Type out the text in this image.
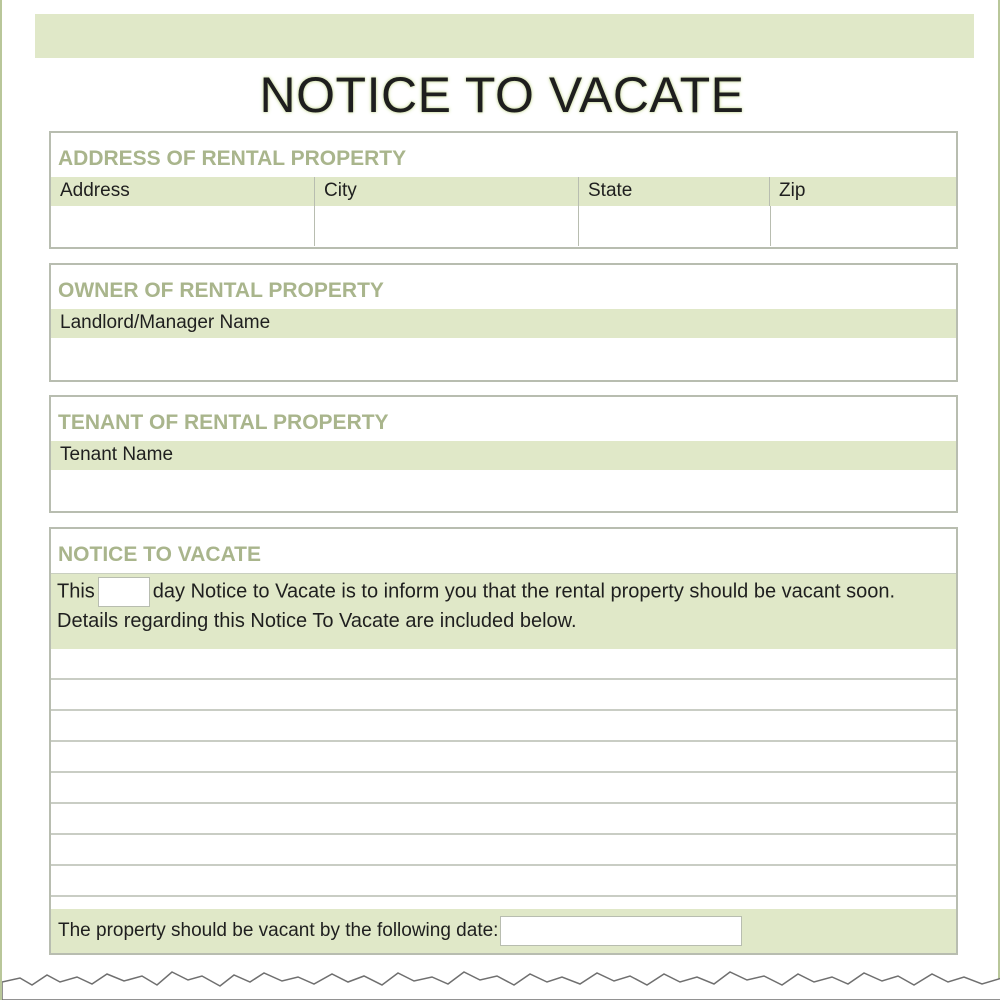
NOTICE TO VACATE
ADDRESS OF RENTAL PROPERTY
Address	City	State	Zip
OWNER OF RENTAL PROPERTY
Landlord/Manager Name
TENANT OF RENTAL PROPERTY
Tenant Name
NOTICE TO VACATE
This	day Notice to Vacate is to inform you that the rental property should be vacant soon.
Details regarding this Notice To Vacate are included below.
The property should be vacant by the following date:
